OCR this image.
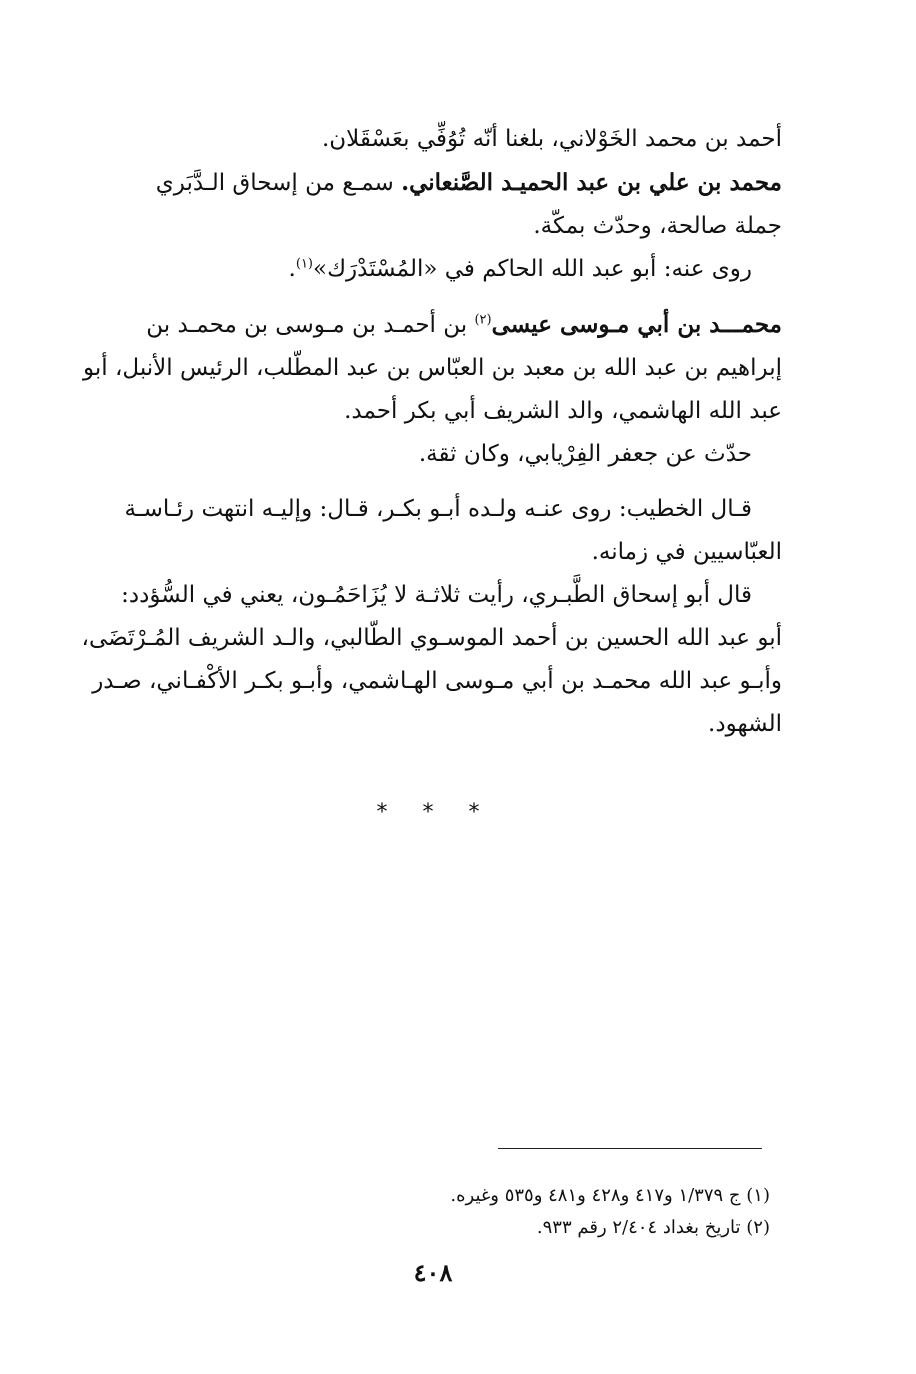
أحمد بن محمد الخَوْلاني، بلغنا أنّه تُوُفِّي بعَسْقَلان.
محمد بن علي بن عبد الحميـد الصَّنعاني. سمـع من إسحاق الـدَّبَري
جملة صالحة، وحدّث بمكّة.
روى عنه: أبو عبد الله الحاكم في «المُسْتَدْرَك»$^{(١)}$.
محمـــد بن أبي مـوسى عيسى$^{(٢)}$ بن أحمـد بن مـوسى بن محمـد بن
إبراهيم بن عبد الله بن معبد بن العبّاس بن عبد المطّلب، الرئيس الأنبل، أبو
عبد الله الهاشمي، والد الشريف أبي بكر أحمد.
حدّث عن جعفر الفِرْيابي، وكان ثقة.
قـال الخطيب: روى عنـه ولـده أبـو بكـر، قـال: وإليـه انتهت رئـاسـة
العبّاسيين في زمانه.
قال أبو إسحاق الطَّبـري، رأيت ثلاثـة لا يُزَاحَمُـون، يعني في السُّؤدد:
أبو عبد الله الحسين بن أحمد الموسـوي الطّالبي، والـد الشريف المُـرْتَضَى،
وأبـو عبد الله محمـد بن أبي مـوسى الهـاشمي، وأبـو بكـر الأكْفـاني، صـدر
الشهود.
* * *
(١) ج ١/٣٧٩ و٤١٧ و٤٢٨ و٤٨١ و٥٣٥ وغيره.
(٢) تاريخ بغداد ٢/٤٠٤ رقم ٩٣٣.
٤٠٨
